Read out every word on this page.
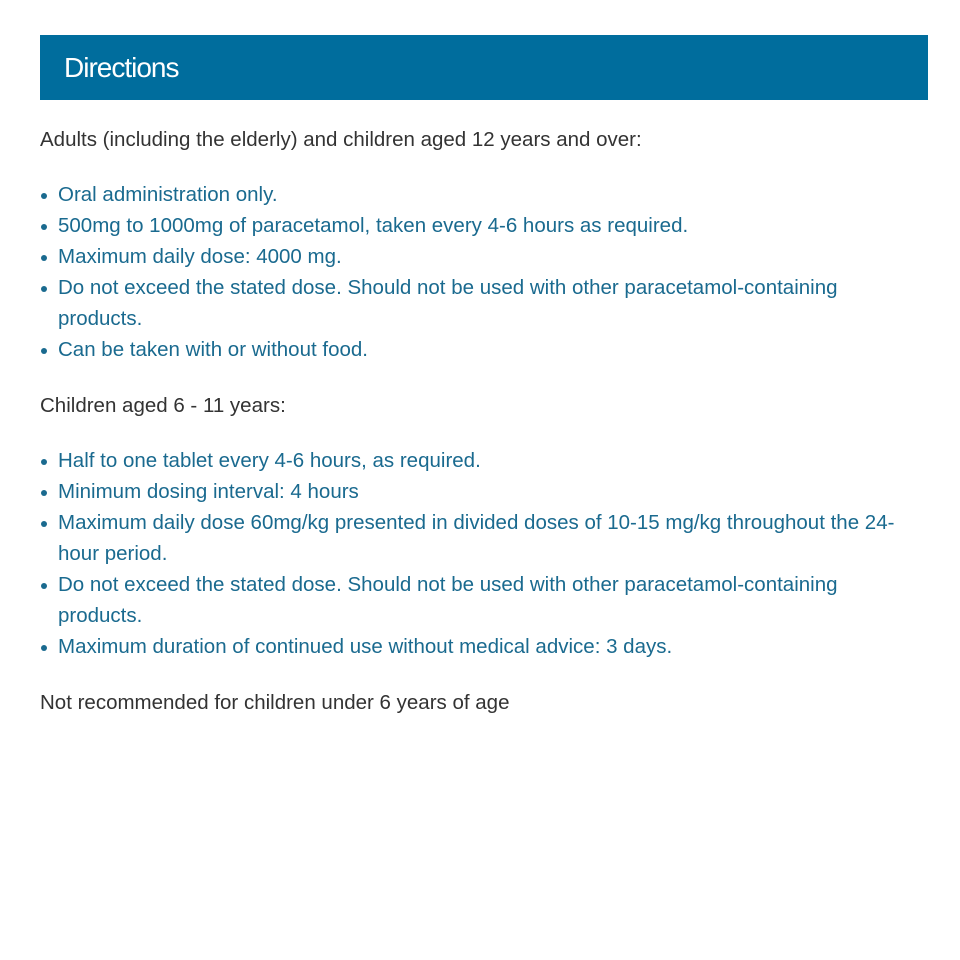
Directions

Adults (including the elderly) and children aged 12 years and over:

Oral administration only.
500mg to 1000mg of paracetamol, taken every 4-6 hours as required.
Maximum daily dose: 4000 mg.
Do not exceed the stated dose. Should not be used with other paracetamol-containing products.
Can be taken with or without food.

Children aged 6 - 11 years:

Half to one tablet every 4-6 hours, as required.
Minimum dosing interval: 4 hours
Maximum daily dose 60mg/kg presented in divided doses of 10-15 mg/kg throughout the 24-hour period.
Do not exceed the stated dose. Should not be used with other paracetamol-containing products.
Maximum duration of continued use without medical advice: 3 days.

Not recommended for children under 6 years of age
